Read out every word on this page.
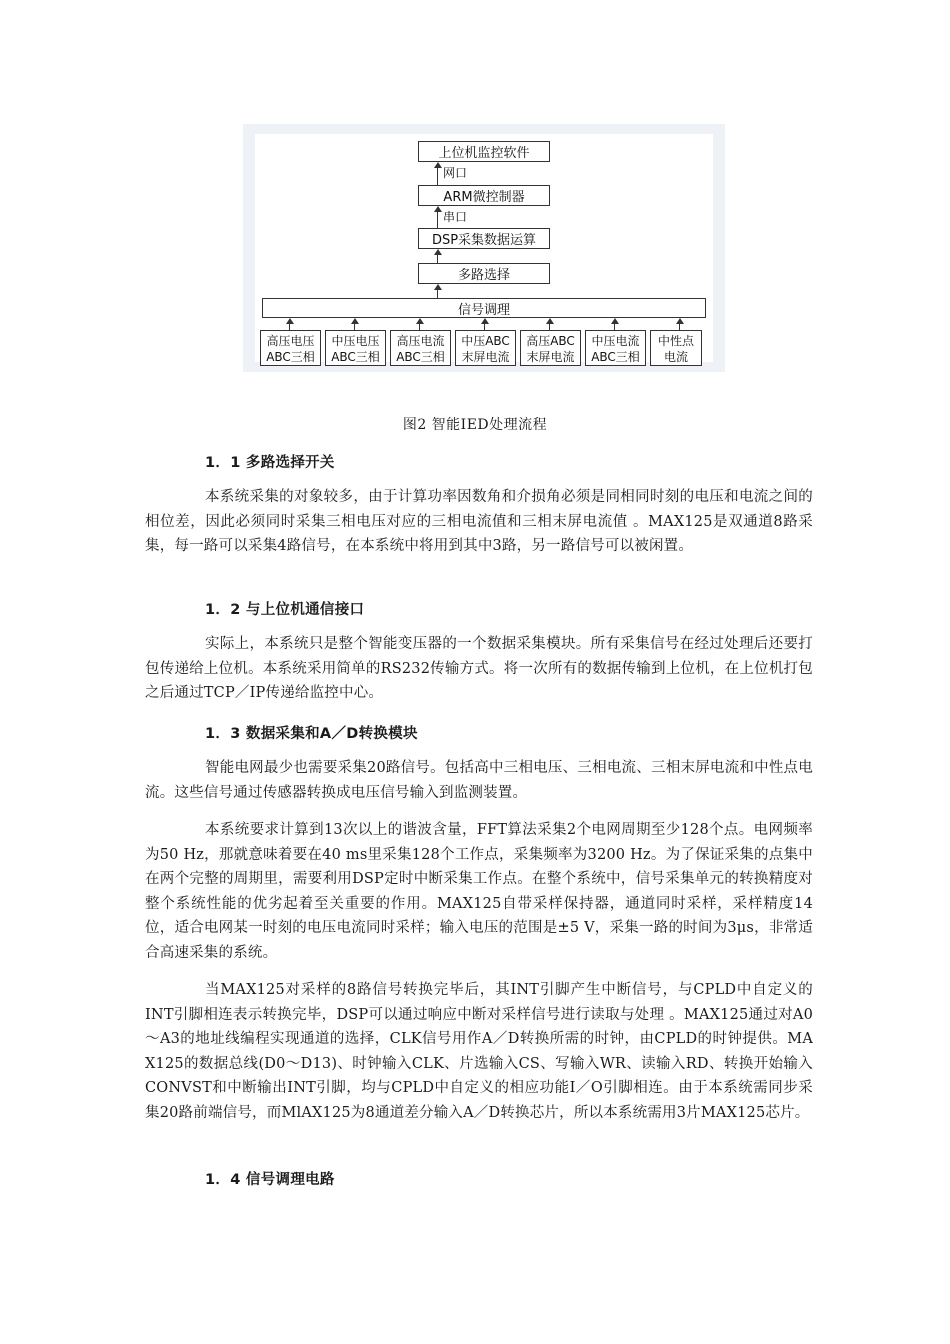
上位机监控软件
网口
ARM微控制器
串口
DSP采集数据运算
多路选择
信号调理
高压电压
ABC三相
中压电压
ABC三相
高压电流
ABC三相
中压ABC
末屏电流
高压ABC
末屏电流
中压电流
ABC三相
中性点
电流
图2 智能IED处理流程
1．1 多路选择开关
本系统采集的对象较多，由于计算功率因数角和介损角必须是同相同时刻的电压和电流之间的相位差，因此必须同时采集三相电压对应的三相电流值和三相末屏电流值 。MAX125是双通道8路采集，每一路可以采集4路信号，在本系统中将用到其中3路，另一路信号可以被闲置。
1．2 与上位机通信接口
实际上，本系统只是整个智能变压器的一个数据采集模块。所有采集信号在经过处理后还要打包传递给上位机。本系统采用简单的RS232传输方式。将一次所有的数据传输到上位机，在上位机打包之后通过TCP／IP传递给监控中心。
1．3 数据采集和A／D转换模块
智能电网最少也需要采集20路信号。包括高中三相电压、三相电流、三相末屏电流和中性点电流。这些信号通过传感器转换成电压信号输入到监测装置。
本系统要求计算到13次以上的谐波含量，FFT算法采集2个电网周期至少128个点。电网频率为50 Hz，那就意味着要在40 ms里采集128个工作点，采集频率为3200 Hz。为了保证采集的点集中在两个完整的周期里，需要利用DSP定时中断采集工作点。在整个系统中，信号采集单元的转换精度对整个系统性能的优劣起着至关重要的作用。MAX125自带采样保持器，通道同时采样，采样精度14位，适合电网某一时刻的电压电流同时采样；输入电压的范围是±5 V，采集一路的时间为3μs，非常适合高速采集的系统。
当MAX125对采样的8路信号转换完毕后，其INT引脚产生中断信号，与CPLD中自定义的INT引脚相连表示转换完毕，DSP可以通过响应中断对采样信号进行读取与处理 。MAX125通过对A0～A3的地址线编程实现通道的选择，CLK信号用作A／D转换所需的时钟，由CPLD的时钟提供。MA X125的数据总线(D0～D13)、时钟输入CLK、片选输入CS、写输入WR、读输入RD、转换开始输入CONVST和中断输出INT引脚，均与CPLD中自定义的相应功能I／O引脚相连。由于本系统需同步采集20路前端信号，而MlAX125为8通道差分输入A／D转换芯片，所以本系统需用3片MAX125芯片。
1．4 信号调理电路
